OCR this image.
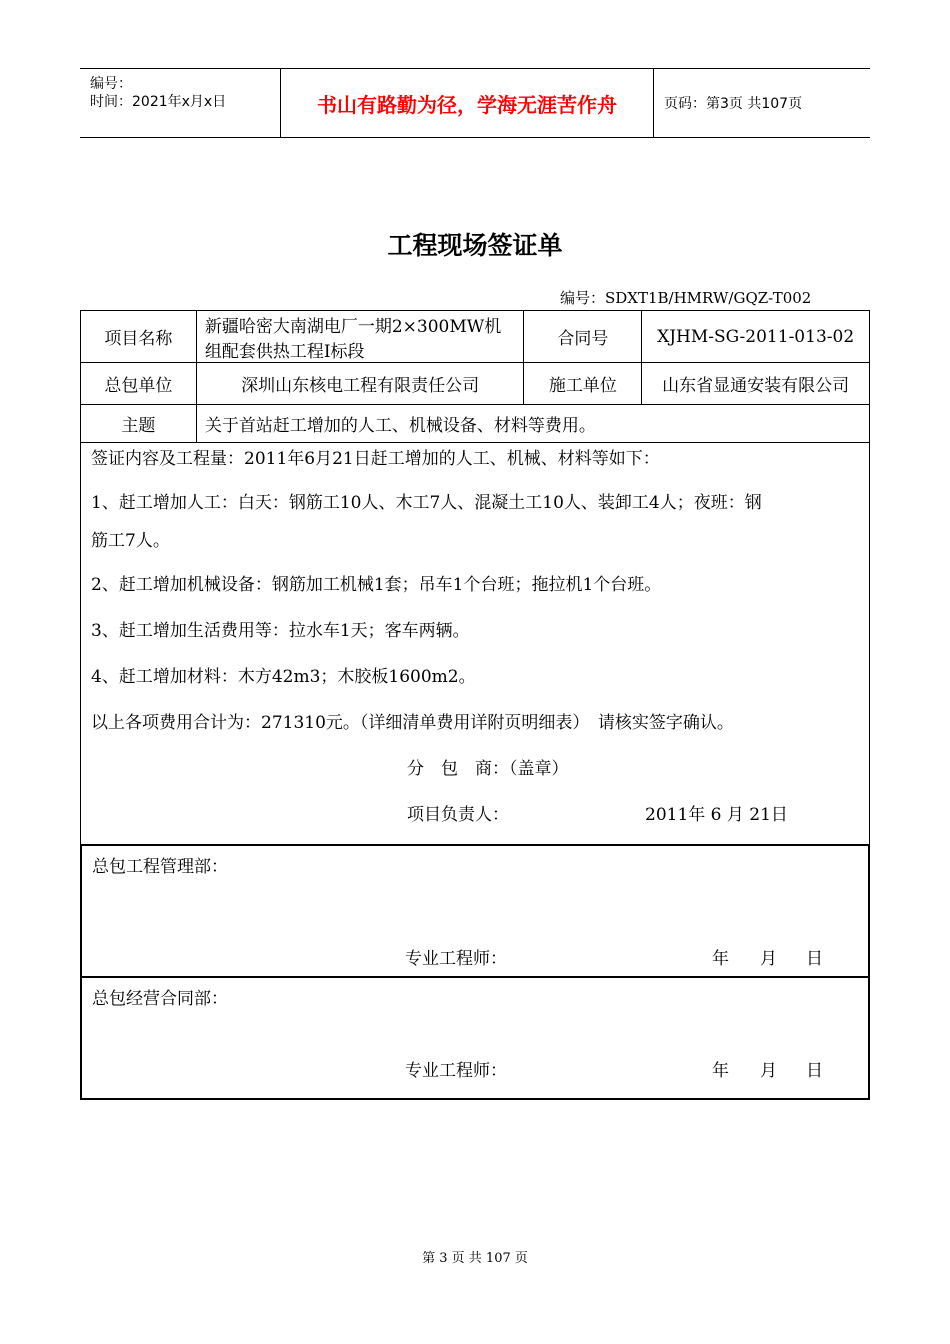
编号：
时间：2021年x月x日	书山有路勤为径，学海无涯苦作舟	页码：第3页 共107页
工程现场签证单
编号：SDXT1B/HMRW/GQZ-T002
项目名称	新疆哈密大南湖电厂一期2×300MW机
组配套供热工程Ⅰ标段	合同号	XJHM-SG-2011-013-02
总包单位	深圳山东核电工程有限责任公司	施工单位	山东省显通安装有限公司
主题	关于首站赶工增加的人工、机械设备、材料等费用。		
签证内容及工程量：2011年6月21日赶工增加的人工、机械、材料等如下：
1、赶工增加人工：白天：钢筋工10人、木工7人、混凝土工10人、装卸工4人；夜班：钢
筋工7人。
2、赶工增加机械设备：钢筋加工机械1套；吊车1个台班；拖拉机1个台班。
3、赶工增加生活费用等：拉水车1天；客车两辆。
4、赶工增加材料：木方42m3；木胶板1600m2。
以上各项费用合计为：271310元。（详细清单费用详附页明细表）　请核实签字确认。
分　包　商：（盖章）
项目负责人：	2011年 6 月 21日
总包工程管理部：
专业工程师：	年 月 日
总包经营合同部：
专业工程师：	年 月 日
第 3 页 共 107 页
